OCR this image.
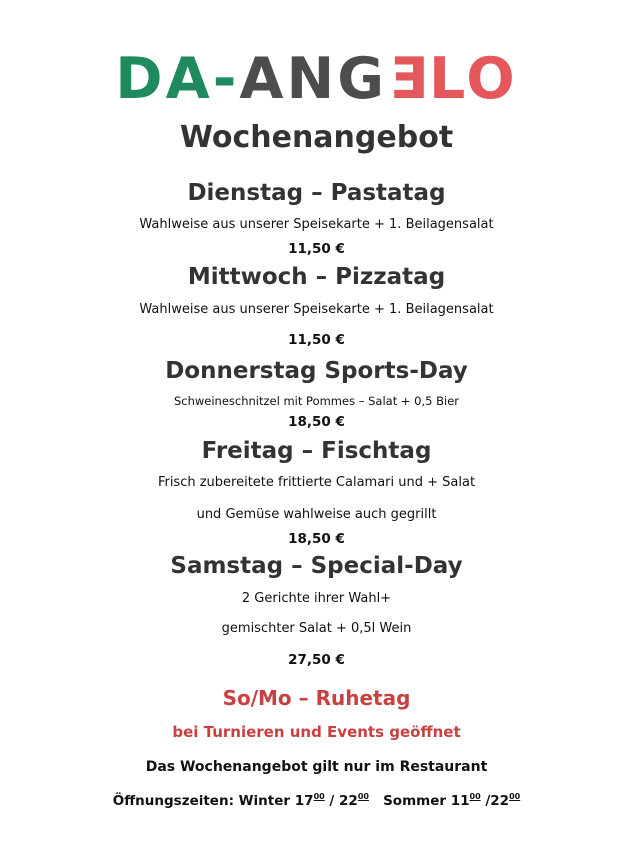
DA-ANGELO
Wochenangebot
Dienstag – Pastatag
Wahlweise aus unserer Speisekarte + 1. Beilagensalat
11,50 €
Mittwoch – Pizzatag
Wahlweise aus unserer Speisekarte + 1. Beilagensalat
11,50 €
Donnerstag Sports-Day
Schweineschnitzel mit Pommes – Salat + 0,5 Bier
18,50 €
Freitag – Fischtag
Frisch zubereitete frittierte Calamari und + Salat
und Gemüse wahlweise auch gegrillt
18,50 €
Samstag – Special-Day
2 Gerichte ihrer Wahl+
gemischter Salat + 0,5l Wein
27,50 €
So/Mo – Ruhetag
bei Turnieren und Events geöffnet
Das Wochenangebot gilt nur im Restaurant
Öffnungszeiten: Winter $17^{00} / 22^{00}$ Sommer $11^{00}$ $/22^{00}$
